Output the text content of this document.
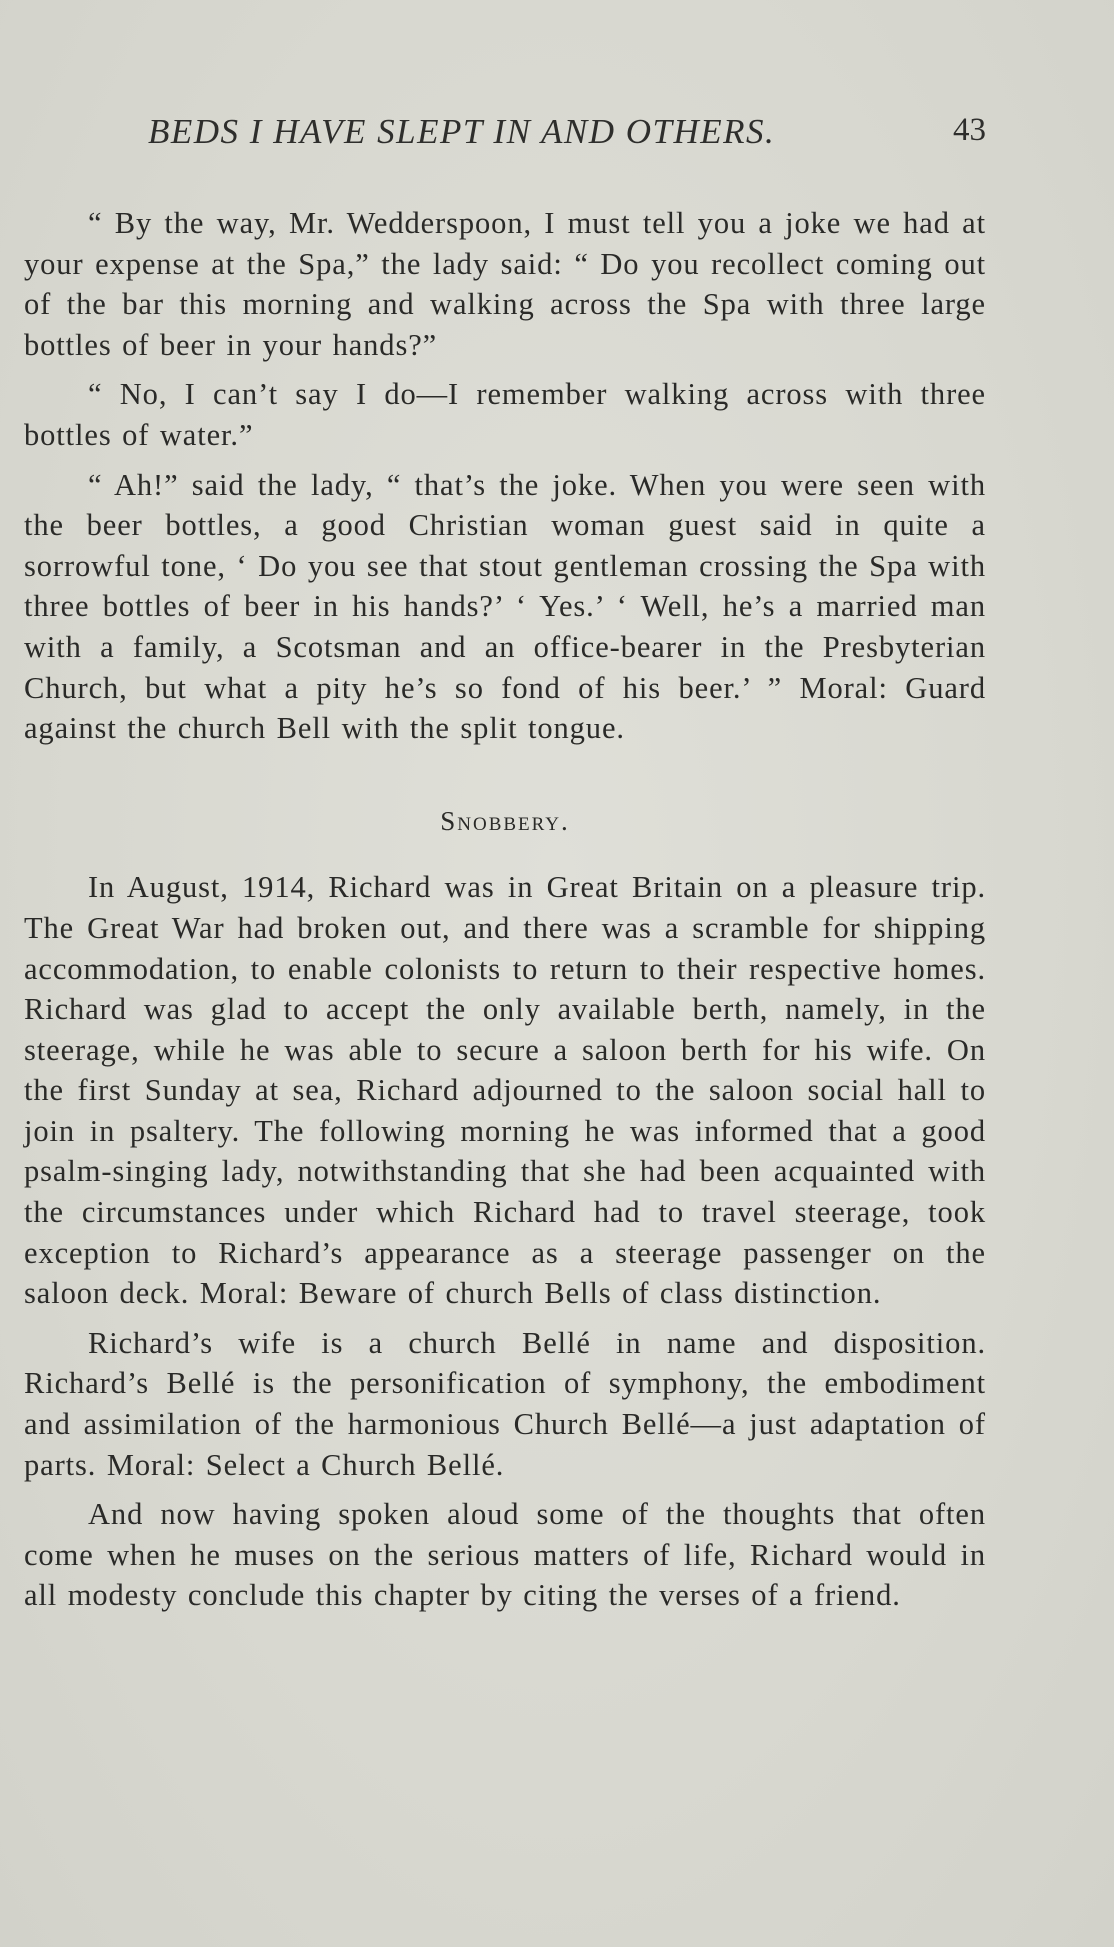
BEDS I HAVE SLEPT IN AND OTHERS.	43

“ By the way, Mr. Wedderspoon, I must tell you a joke we had at your expense at the Spa,” the lady said: “ Do you recollect coming out of the bar this morning and walking across the Spa with three large bottles of beer in your hands?”

“ No, I can’t say I do—I remember walking across with three bottles of water.”

“ Ah!” said the lady, “ that’s the joke. When you were seen with the beer bottles, a good Christian woman guest said in quite a sorrowful tone, ‘ Do you see that stout gentleman crossing the Spa with three bottles of beer in his hands?’ ‘ Yes.’ ‘ Well, he’s a married man with a family, a Scotsman and an office-bearer in the Presbyterian Church, but what a pity he’s so fond of his beer.’ ” Moral: Guard against the church Bell with the split tongue.

Snobbery.

In August, 1914, Richard was in Great Britain on a pleasure trip. The Great War had broken out, and there was a scramble for shipping accommodation, to enable colonists to return to their respective homes. Richard was glad to accept the only available berth, namely, in the steerage, while he was able to secure a saloon berth for his wife. On the first Sunday at sea, Richard adjourned to the saloon social hall to join in psaltery. The following morning he was informed that a good psalm-singing lady, notwithstanding that she had been acquainted with the circumstances under which Richard had to travel steerage, took exception to Richard’s appearance as a steerage passenger on the saloon deck. Moral: Beware of church Bells of class distinction.

Richard’s wife is a church Bellé in name and disposition. Richard’s Bellé is the personification of symphony, the embodiment and assimilation of the harmonious Church Bellé—a just adaptation of parts. Moral: Select a Church Bellé.

And now having spoken aloud some of the thoughts that often come when he muses on the serious matters of life, Richard would in all modesty conclude this chapter by citing the verses of a friend.
